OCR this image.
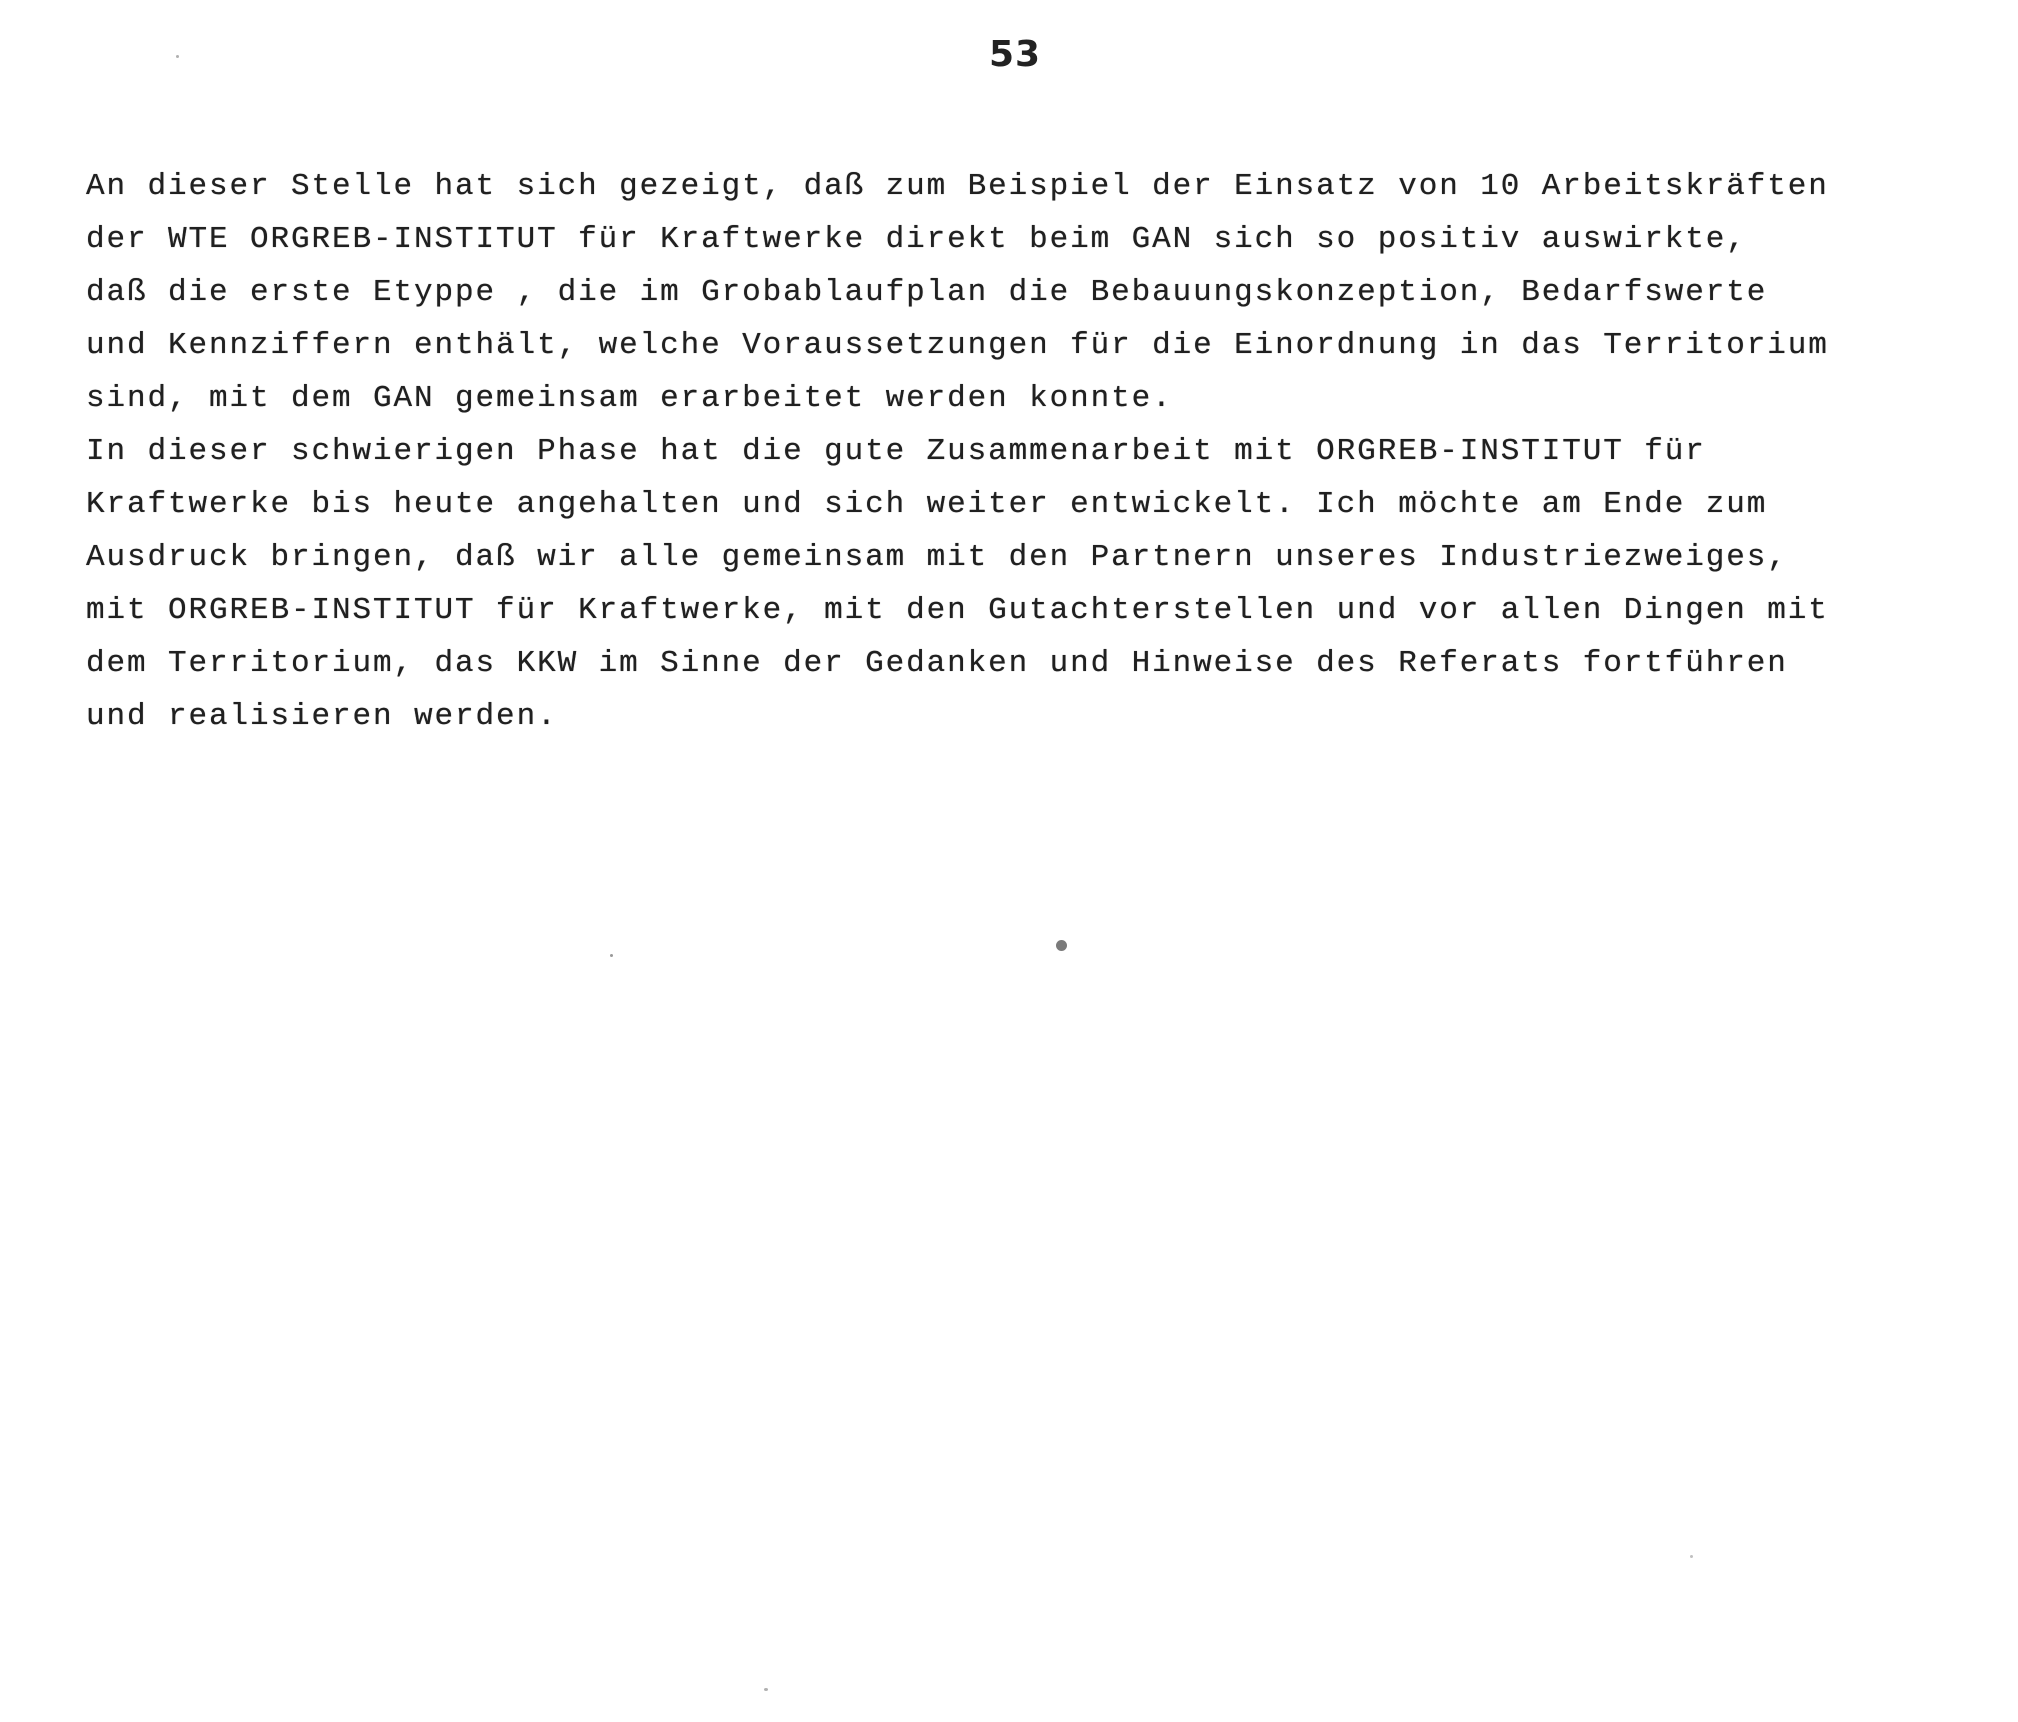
53
An dieser Stelle hat sich gezeigt, daß zum Beispiel der Einsatz von 10 Arbeitskräften
der WTE ORGREB-INSTITUT für Kraftwerke direkt beim GAN sich so positiv auswirkte,
daß die erste Etyppe , die im Grobablaufplan die Bebauungskonzeption, Bedarfswerte
und Kennziffern enthält, welche Voraussetzungen für die Einordnung in das Territorium
sind, mit dem GAN gemeinsam erarbeitet werden konnte.
In dieser schwierigen Phase hat die gute Zusammenarbeit mit ORGREB-INSTITUT für
Kraftwerke bis heute angehalten und sich weiter entwickelt. Ich möchte am Ende zum
Ausdruck bringen, daß wir alle gemeinsam mit den Partnern unseres Industriezweiges,
mit ORGREB-INSTITUT für Kraftwerke, mit den Gutachterstellen und vor allen Dingen mit
dem Territorium, das KKW im Sinne der Gedanken und Hinweise des Referats fortführen
und realisieren werden.
